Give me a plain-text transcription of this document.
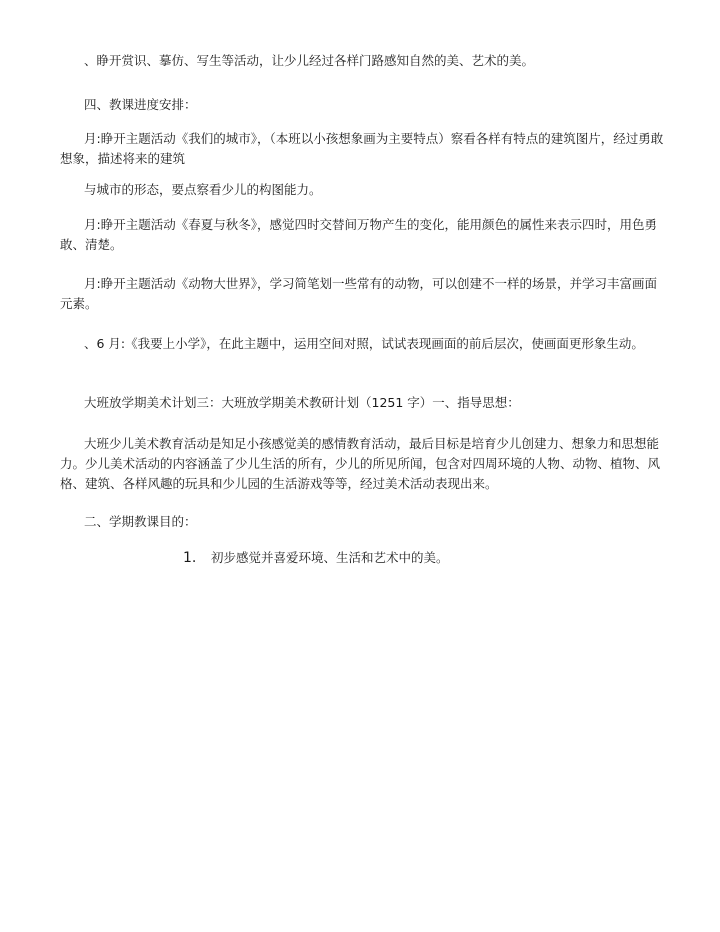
、睁开赏识、摹仿、写生等活动，让少儿经过各样门路感知自然的美、艺术的美。

四、教课进度安排：

月:睁开主题活动《我们的城市》，（本班以小孩想象画为主要特点）察看各样有特点的建筑图片，经过勇敢想象，描述将来的建筑

与城市的形态，要点察看少儿的构图能力。

月:睁开主题活动《春夏与秋冬》，感觉四时交替间万物产生的变化，能用颜色的属性来表示四时，用色勇敢、清楚。

月:睁开主题活动《动物大世界》，学习简笔划一些常有的动物，可以创建不一样的场景，并学习丰富画面元素。

、6 月:《我要上小学》，在此主题中，运用空间对照，试试表现画面的前后层次，使画面更形象生动。

大班放学期美术计划三：大班放学期美术教研计划（1251 字）一、指导思想：

大班少儿美术教育活动是知足小孩感觉美的感情教育活动，最后目标是培育少儿创建力、想象力和思想能力。少儿美术活动的内容涵盖了少儿生活的所有，少儿的所见所闻，包含对四周环境的人物、动物、植物、风格、建筑、各样风趣的玩具和少儿园的生活游戏等等，经过美术活动表现出来。

二、学期教课目的：

1. 初步感觉并喜爱环境、生活和艺术中的美。
